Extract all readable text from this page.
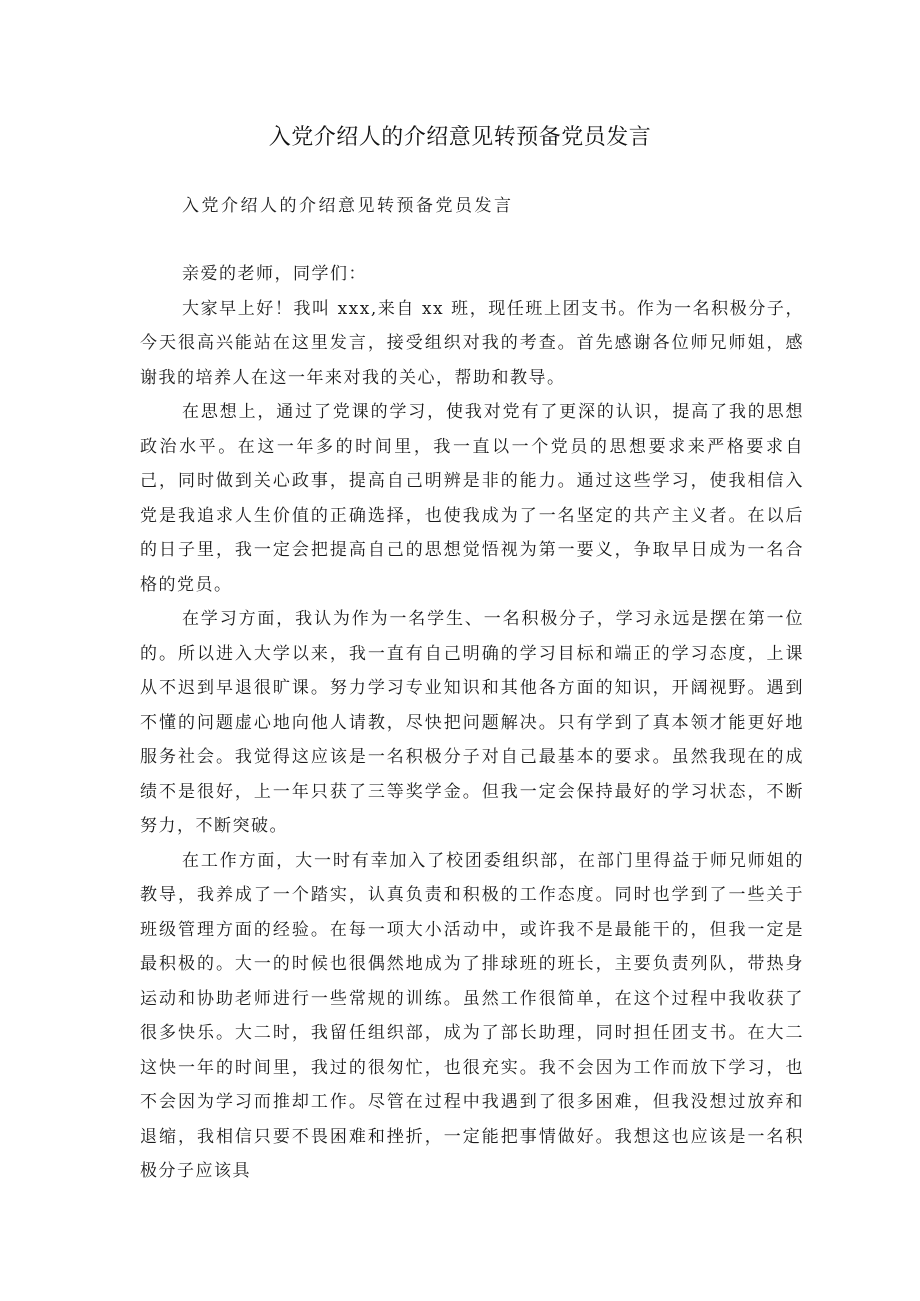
入党介绍人的介绍意见转预备党员发言
入党介绍人的介绍意见转预备党员发言

亲爱的老师，同学们：

大家早上好！我叫 xxx,来自 xx 班，现任班上团支书。作为一名积极分子，今天很高兴能站在这里发言，接受组织对我的考查。首先感谢各位师兄师姐，感谢我的培养人在这一年来对我的关心，帮助和教导。

在思想上，通过了党课的学习，使我对党有了更深的认识，提高了我的思想政治水平。在这一年多的时间里，我一直以一个党员的思想要求来严格要求自己，同时做到关心政事，提高自己明辨是非的能力。通过这些学习，使我相信入党是我追求人生价值的正确选择，也使我成为了一名坚定的共产主义者。在以后的日子里，我一定会把提高自己的思想觉悟视为第一要义，争取早日成为一名合格的党员。

在学习方面，我认为作为一名学生、一名积极分子，学习永远是摆在第一位的。所以进入大学以来，我一直有自己明确的学习目标和端正的学习态度，上课从不迟到早退很旷课。努力学习专业知识和其他各方面的知识，开阔视野。遇到不懂的问题虚心地向他人请教，尽快把问题解决。只有学到了真本领才能更好地服务社会。我觉得这应该是一名积极分子对自己最基本的要求。虽然我现在的成绩不是很好，上一年只获了三等奖学金。但我一定会保持最好的学习状态，不断努力，不断突破。

在工作方面，大一时有幸加入了校团委组织部，在部门里得益于师兄师姐的教导，我养成了一个踏实，认真负责和积极的工作态度。同时也学到了一些关于班级管理方面的经验。在每一项大小活动中，或许我不是最能干的，但我一定是最积极的。大一的时候也很偶然地成为了排球班的班长，主要负责列队，带热身运动和协助老师进行一些常规的训练。虽然工作很简单，在这个过程中我收获了很多快乐。大二时，我留任组织部，成为了部长助理，同时担任团支书。在大二这快一年的时间里，我过的很匆忙，也很充实。我不会因为工作而放下学习，也不会因为学习而推却工作。尽管在过程中我遇到了很多困难，但我没想过放弃和退缩，我相信只要不畏困难和挫折，一定能把事情做好。我想这也应该是一名积极分子应该具
